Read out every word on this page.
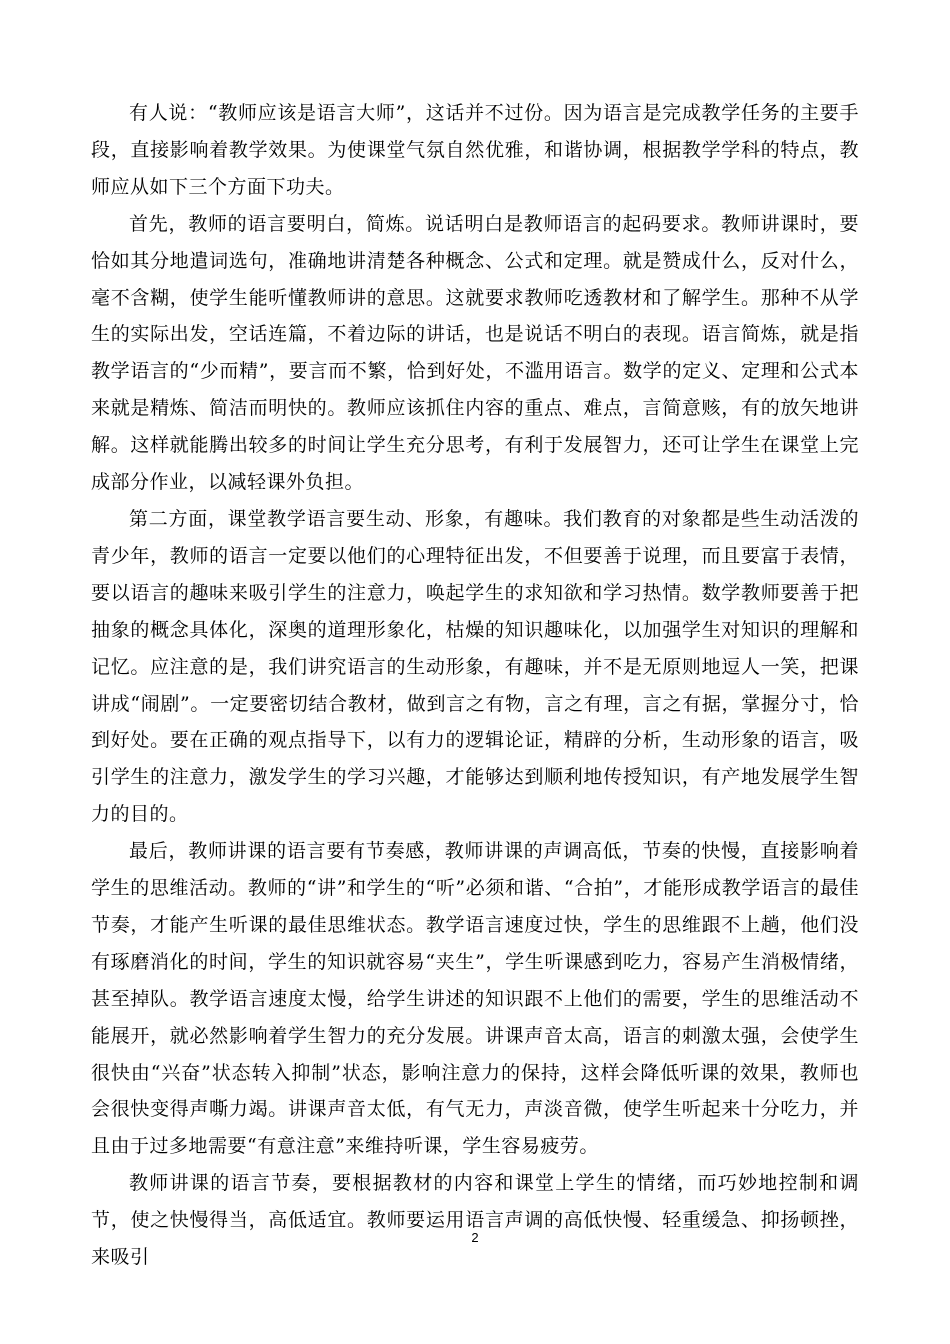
有人说：“教师应该是语言大师”，这话并不过份。因为语言是完成教学任务的主要手段，直接影响着教学效果。为使课堂气氛自然优雅，和谐协调，根据教学学科的特点，教师应从如下三个方面下功夫。

首先，教师的语言要明白，简炼。说话明白是教师语言的起码要求。教师讲课时，要恰如其分地遣词选句，准确地讲清楚各种概念、公式和定理。就是赞成什么，反对什么，毫不含糊，使学生能听懂教师讲的意思。这就要求教师吃透教材和了解学生。那种不从学生的实际出发，空话连篇，不着边际的讲话，也是说话不明白的表现。语言简炼，就是指教学语言的“少而精”，要言而不繁，恰到好处，不滥用语言。数学的定义、定理和公式本来就是精炼、简洁而明快的。教师应该抓住内容的重点、难点，言简意赅，有的放矢地讲解。这样就能腾出较多的时间让学生充分思考，有利于发展智力，还可让学生在课堂上完成部分作业，以减轻课外负担。

第二方面，课堂教学语言要生动、形象，有趣味。我们教育的对象都是些生动活泼的青少年，教师的语言一定要以他们的心理特征出发，不但要善于说理，而且要富于表情，要以语言的趣味来吸引学生的注意力，唤起学生的求知欲和学习热情。数学教师要善于把抽象的概念具体化，深奥的道理形象化，枯燥的知识趣味化，以加强学生对知识的理解和记忆。应注意的是，我们讲究语言的生动形象，有趣味，并不是无原则地逗人一笑，把课讲成“闹剧”。一定要密切结合教材，做到言之有物，言之有理，言之有据，掌握分寸，恰到好处。要在正确的观点指导下，以有力的逻辑论证，精辟的分析，生动形象的语言，吸引学生的注意力，激发学生的学习兴趣，才能够达到顺利地传授知识，有产地发展学生智力的目的。

最后，教师讲课的语言要有节奏感，教师讲课的声调高低，节奏的快慢，直接影响着学生的思维活动。教师的“讲”和学生的“听”必须和谐、“合拍”，才能形成教学语言的最佳节奏，才能产生听课的最佳思维状态。教学语言速度过快，学生的思维跟不上趟，他们没有琢磨消化的时间，学生的知识就容易“夹生”，学生听课感到吃力，容易产生消极情绪，甚至掉队。教学语言速度太慢，给学生讲述的知识跟不上他们的需要，学生的思维活动不能展开，就必然影响着学生智力的充分发展。讲课声音太高，语言的刺激太强，会使学生很快由“兴奋”状态转入抑制”状态，影响注意力的保持，这样会降低听课的效果，教师也会很快变得声嘶力竭。讲课声音太低，有气无力，声淡音微，使学生听起来十分吃力，并且由于过多地需要“有意注意”来维持听课，学生容易疲劳。

教师讲课的语言节奏，要根据教材的内容和课堂上学生的情绪，而巧妙地控制和调节，使之快慢得当，高低适宜。教师要运用语言声调的高低快慢、轻重缓急、抑扬顿挫，来吸引

2
